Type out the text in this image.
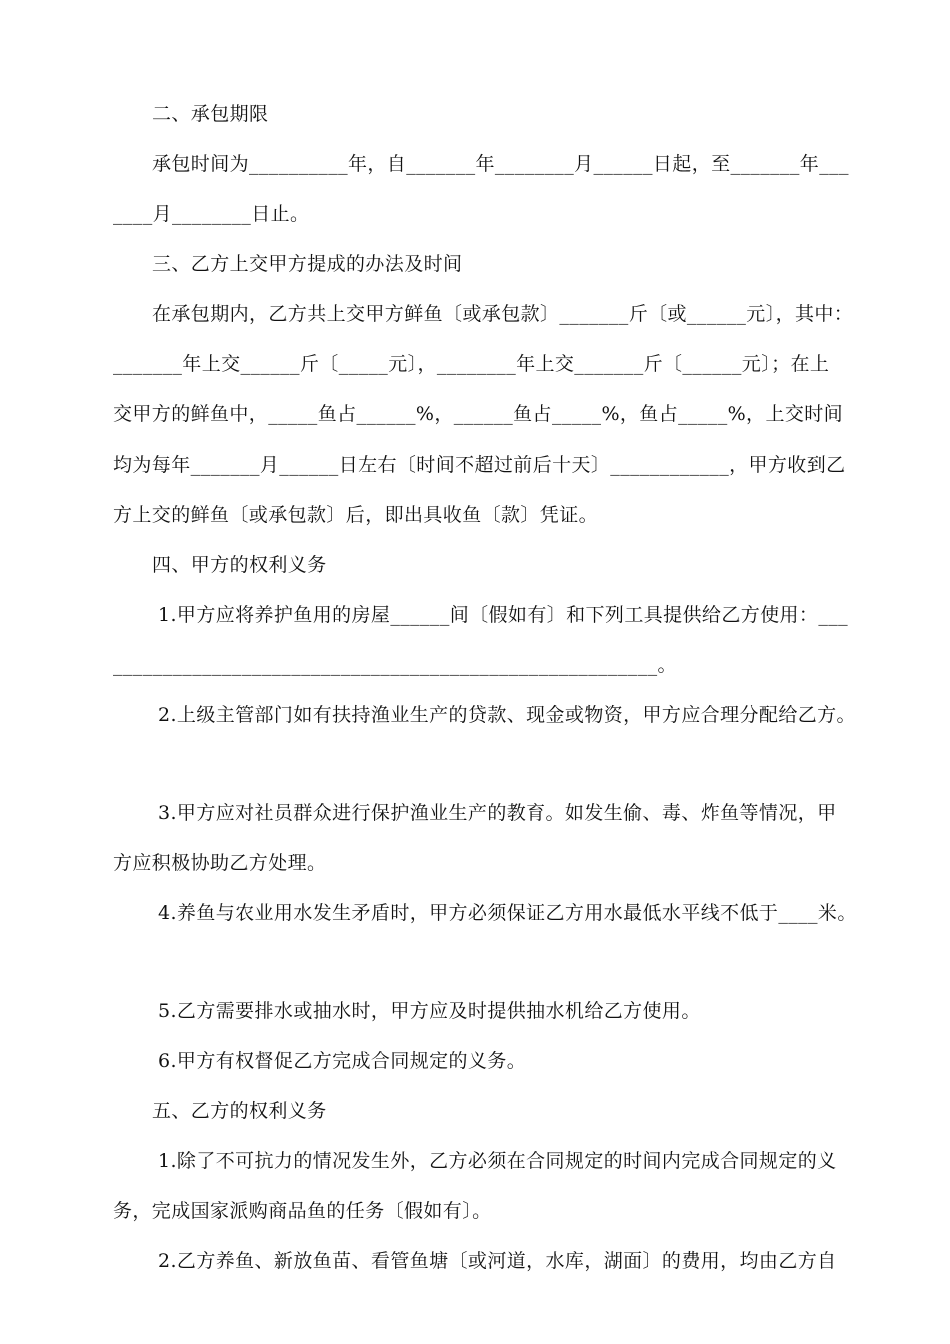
二、承包期限
承包时间为__________年，自_______年________月______日起，至_______年___
____月________日止。
三、乙方上交甲方提成的办法及时间
在承包期内，乙方共上交甲方鲜鱼〔或承包款〕_______斤〔或______元〕，其中：
_______年上交______斤〔_____元〕，________年上交_______斤〔______元〕；在上
交甲方的鲜鱼中，_____鱼占______%，______鱼占_____%，鱼占_____%，上交时间
均为每年_______月______日左右〔时间不超过前后十天〕____________，甲方收到乙
方上交的鲜鱼〔或承包款〕后，即出具收鱼〔款〕凭证。
四、甲方的权利义务
1.甲方应将养护鱼用的房屋______间〔假如有〕和下列工具提供给乙方使用：___
_______________________________________________________。
2.上级主管部门如有扶持渔业生产的贷款、现金或物资，甲方应合理分配给乙方。
3.甲方应对社员群众进行保护渔业生产的教育。如发生偷、毒、炸鱼等情况，甲
方应积极协助乙方处理。
4.养鱼与农业用水发生矛盾时，甲方必须保证乙方用水最低水平线不低于____米。
5.乙方需要排水或抽水时，甲方应及时提供抽水机给乙方使用。
6.甲方有权督促乙方完成合同规定的义务。
五、乙方的权利义务
1.除了不可抗力的情况发生外，乙方必须在合同规定的时间内完成合同规定的义
务，完成国家派购商品鱼的任务〔假如有〕。
2.乙方养鱼、新放鱼苗、看管鱼塘〔或河道，水库，湖面〕的费用，均由乙方自
